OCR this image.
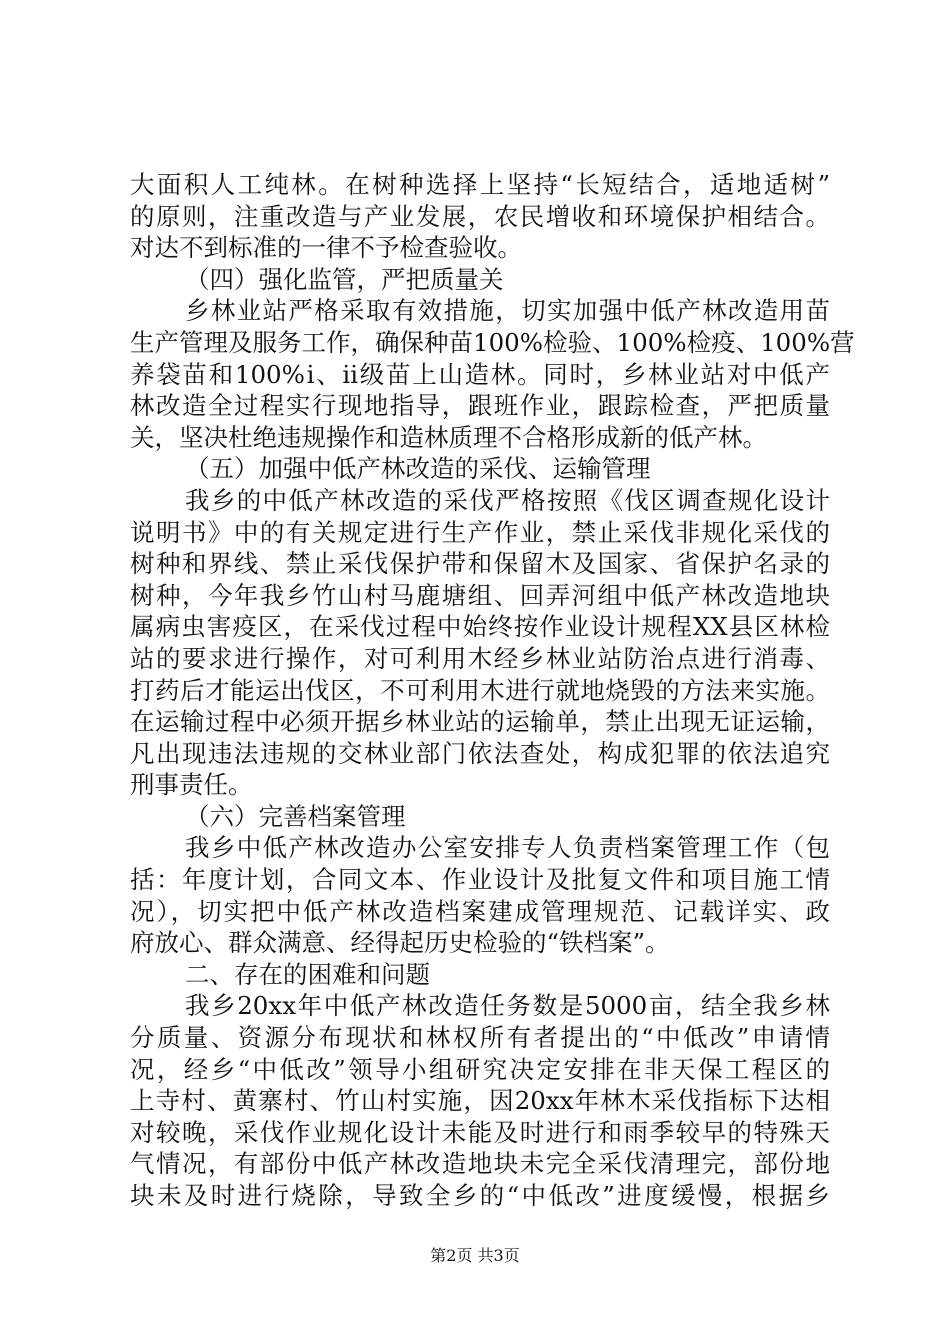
大面积人工纯林。在树种选择上坚持“长短结合，适地适树”
的原则，注重改造与产业发展，农民增收和环境保护相结合。
对达不到标准的一律不予检查验收。
（四）强化监管，严把质量关
乡林业站严格采取有效措施，切实加强中低产林改造用苗
生产管理及服务工作，确保种苗100%检验、100%检疫、100%营
养袋苗和100%ⅰ、ⅱ级苗上山造林。同时，乡林业站对中低产
林改造全过程实行现地指导，跟班作业，跟踪检查，严把质量
关，坚决杜绝违规操作和造林质理不合格形成新的低产林。
（五）加强中低产林改造的采伐、运输管理
我乡的中低产林改造的采伐严格按照《伐区调查规化设计
说明书》中的有关规定进行生产作业，禁止采伐非规化采伐的
树种和界线、禁止采伐保护带和保留木及国家、省保护名录的
树种，今年我乡竹山村马鹿塘组、回弄河组中低产林改造地块
属病虫害疫区，在采伐过程中始终按作业设计规程XX县区林检
站的要求进行操作，对可利用木经乡林业站防治点进行消毒、
打药后才能运出伐区，不可利用木进行就地烧毁的方法来实施。
在运输过程中必须开据乡林业站的运输单，禁止出现无证运输，
凡出现违法违规的交林业部门依法查处，构成犯罪的依法追究
刑事责任。
（六）完善档案管理
我乡中低产林改造办公室安排专人负责档案管理工作（包
括：年度计划，合同文本、作业设计及批复文件和项目施工情
况），切实把中低产林改造档案建成管理规范、记载详实、政
府放心、群众满意、经得起历史检验的“铁档案”。
二、存在的困难和问题
我乡20xx年中低产林改造任务数是5000亩，结全我乡林
分质量、资源分布现状和林权所有者提出的“中低改”申请情
况，经乡“中低改”领导小组研究决定安排在非天保工程区的
上寺村、黄寨村、竹山村实施，因20xx年林木采伐指标下达相
对较晚，采伐作业规化设计未能及时进行和雨季较早的特殊天
气情况，有部份中低产林改造地块未完全采伐清理完，部份地
块未及时进行烧除，导致全乡的“中低改”进度缓慢，根据乡
第2页 共3页
